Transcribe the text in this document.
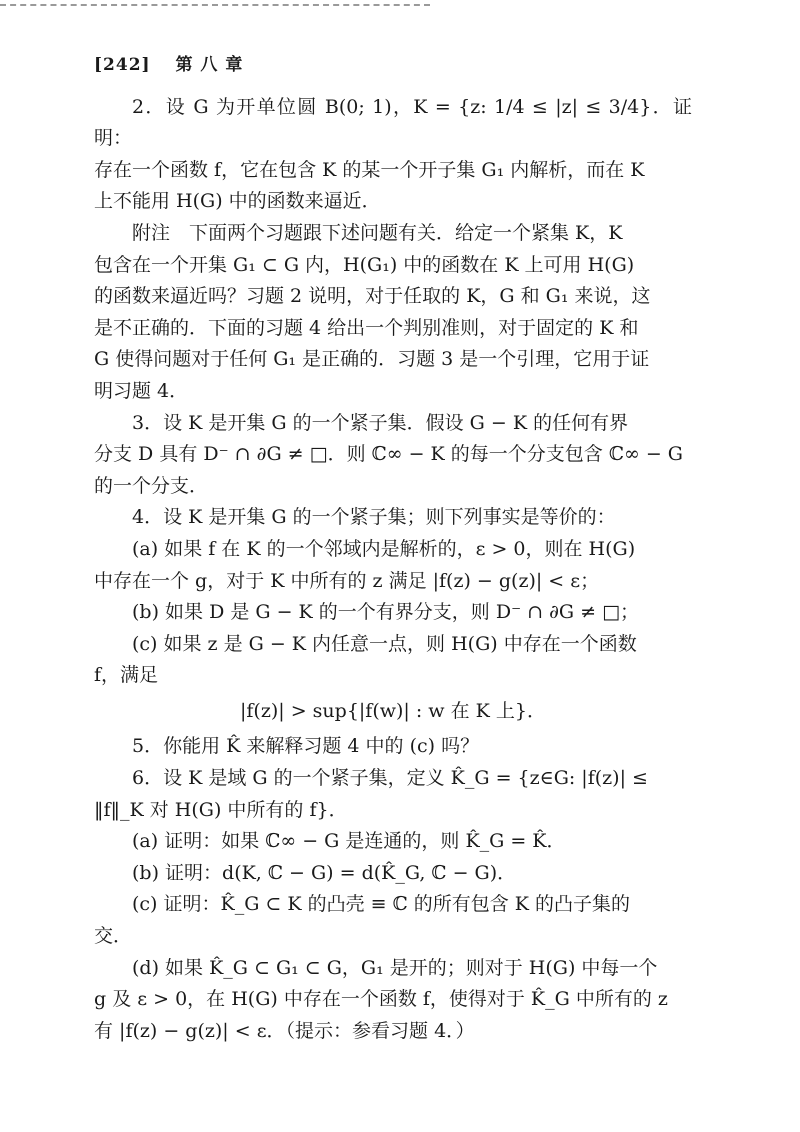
[242] 第 八 章

2．设 G 为开单位圆 B(0; 1)，K = {z: 1/4 ≤ |z| ≤ 3/4}．证明：

存在一个函数 f，它在包含 K 的某一个开子集 G₁ 内解析，而在 K

上不能用 H(G) 中的函数来逼近．

附注　下面两个习题跟下述问题有关．给定一个紧集 K，K

包含在一个开集 G₁ ⊂ G 内，H(G₁) 中的函数在 K 上可用 H(G)

的函数来逼近吗？习题 2 说明，对于任取的 K，G 和 G₁ 来说，这

是不正确的．下面的习题 4 给出一个判别准则，对于固定的 K 和

G 使得问题对于任何 G₁ 是正确的．习题 3 是一个引理，它用于证

明习题 4．

3．设 K 是开集 G 的一个紧子集．假设 G − K 的任何有界

分支 D 具有 D⁻ ∩ ∂G ≠ □．则 ℂ∞ − K 的每一个分支包含 ℂ∞ − G

的一个分支．

4．设 K 是开集 G 的一个紧子集；则下列事实是等价的：

(a) 如果 f 在 K 的一个邻域内是解析的，ε > 0，则在 H(G)

中存在一个 g，对于 K 中所有的 z 满足 |f(z) − g(z)| < ε；

(b) 如果 D 是 G − K 的一个有界分支，则 D⁻ ∩ ∂G ≠ □；

(c) 如果 z 是 G − K 内任意一点，则 H(G) 中存在一个函数

f，满足

|f(z)| > sup{|f(w)| : w 在 K 上}．

5．你能用 K̂ 来解释习题 4 中的 (c) 吗？

6．设 K 是域 G 的一个紧子集，定义 K̂_G = {z∈G: |f(z)| ≤

‖f‖_K 对 H(G) 中所有的 f}．

(a) 证明：如果 ℂ∞ − G 是连通的，则 K̂_G = K̂．

(b) 证明：d(K, ℂ − G) = d(K̂_G, ℂ − G)．

(c) 证明：K̂_G ⊂ K 的凸壳 ≡ ℂ 的所有包含 K 的凸子集的

交．

(d) 如果 K̂_G ⊂ G₁ ⊂ G，G₁ 是开的；则对于 H(G) 中每一个

g 及 ε > 0，在 H(G) 中存在一个函数 f，使得对于 K̂_G 中所有的 z

有 |f(z) − g(z)| < ε．（提示：参看习题 4．）
